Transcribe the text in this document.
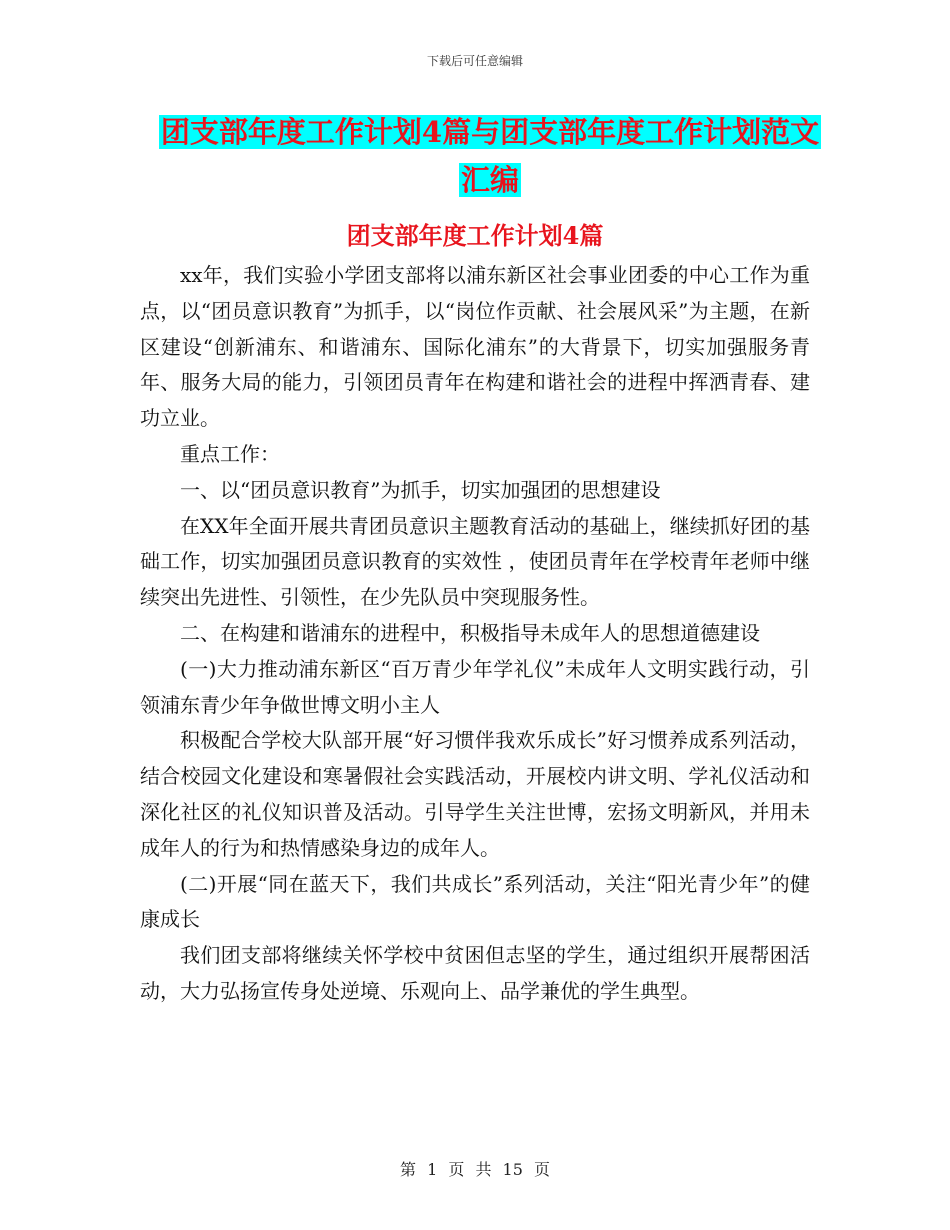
下载后可任意编辑
团支部年度工作计划4篇与团支部年度工作计划范文
汇编
团支部年度工作计划4篇

xx年，我们实验小学团支部将以浦东新区社会事业团委的中心工作为重点，以“团员意识教育”为抓手，以“岗位作贡献、社会展风采”为主题，在新区建设“创新浦东、和谐浦东、国际化浦东”的大背景下，切实加强服务青年、服务大局的能力，引领团员青年在构建和谐社会的进程中挥洒青春、建功立业。

重点工作：

一、以“团员意识教育”为抓手，切实加强团的思想建设

在XX年全面开展共青团员意识主题教育活动的基础上，继续抓好团的基础工作，切实加强团员意识教育的实效性 ，使团员青年在学校青年老师中继续突出先进性、引领性，在少先队员中突现服务性。

二、在构建和谐浦东的进程中，积极指导未成年人的思想道德建设

(一)大力推动浦东新区“百万青少年学礼仪”未成年人文明实践行动，引领浦东青少年争做世博文明小主人

积极配合学校大队部开展“好习惯伴我欢乐成长”好习惯养成系列活动，结合校园文化建设和寒暑假社会实践活动，开展校内讲文明、学礼仪活动和深化社区的礼仪知识普及活动。引导学生关注世博，宏扬文明新风，并用未成年人的行为和热情感染身边的成年人。

(二)开展“同在蓝天下，我们共成长”系列活动，关注“阳光青少年”的健康成长

我们团支部将继续关怀学校中贫困但志坚的学生，通过组织开展帮困活动，大力弘扬宣传身处逆境、乐观向上、品学兼优的学生典型。

第 1 页 共 15 页
